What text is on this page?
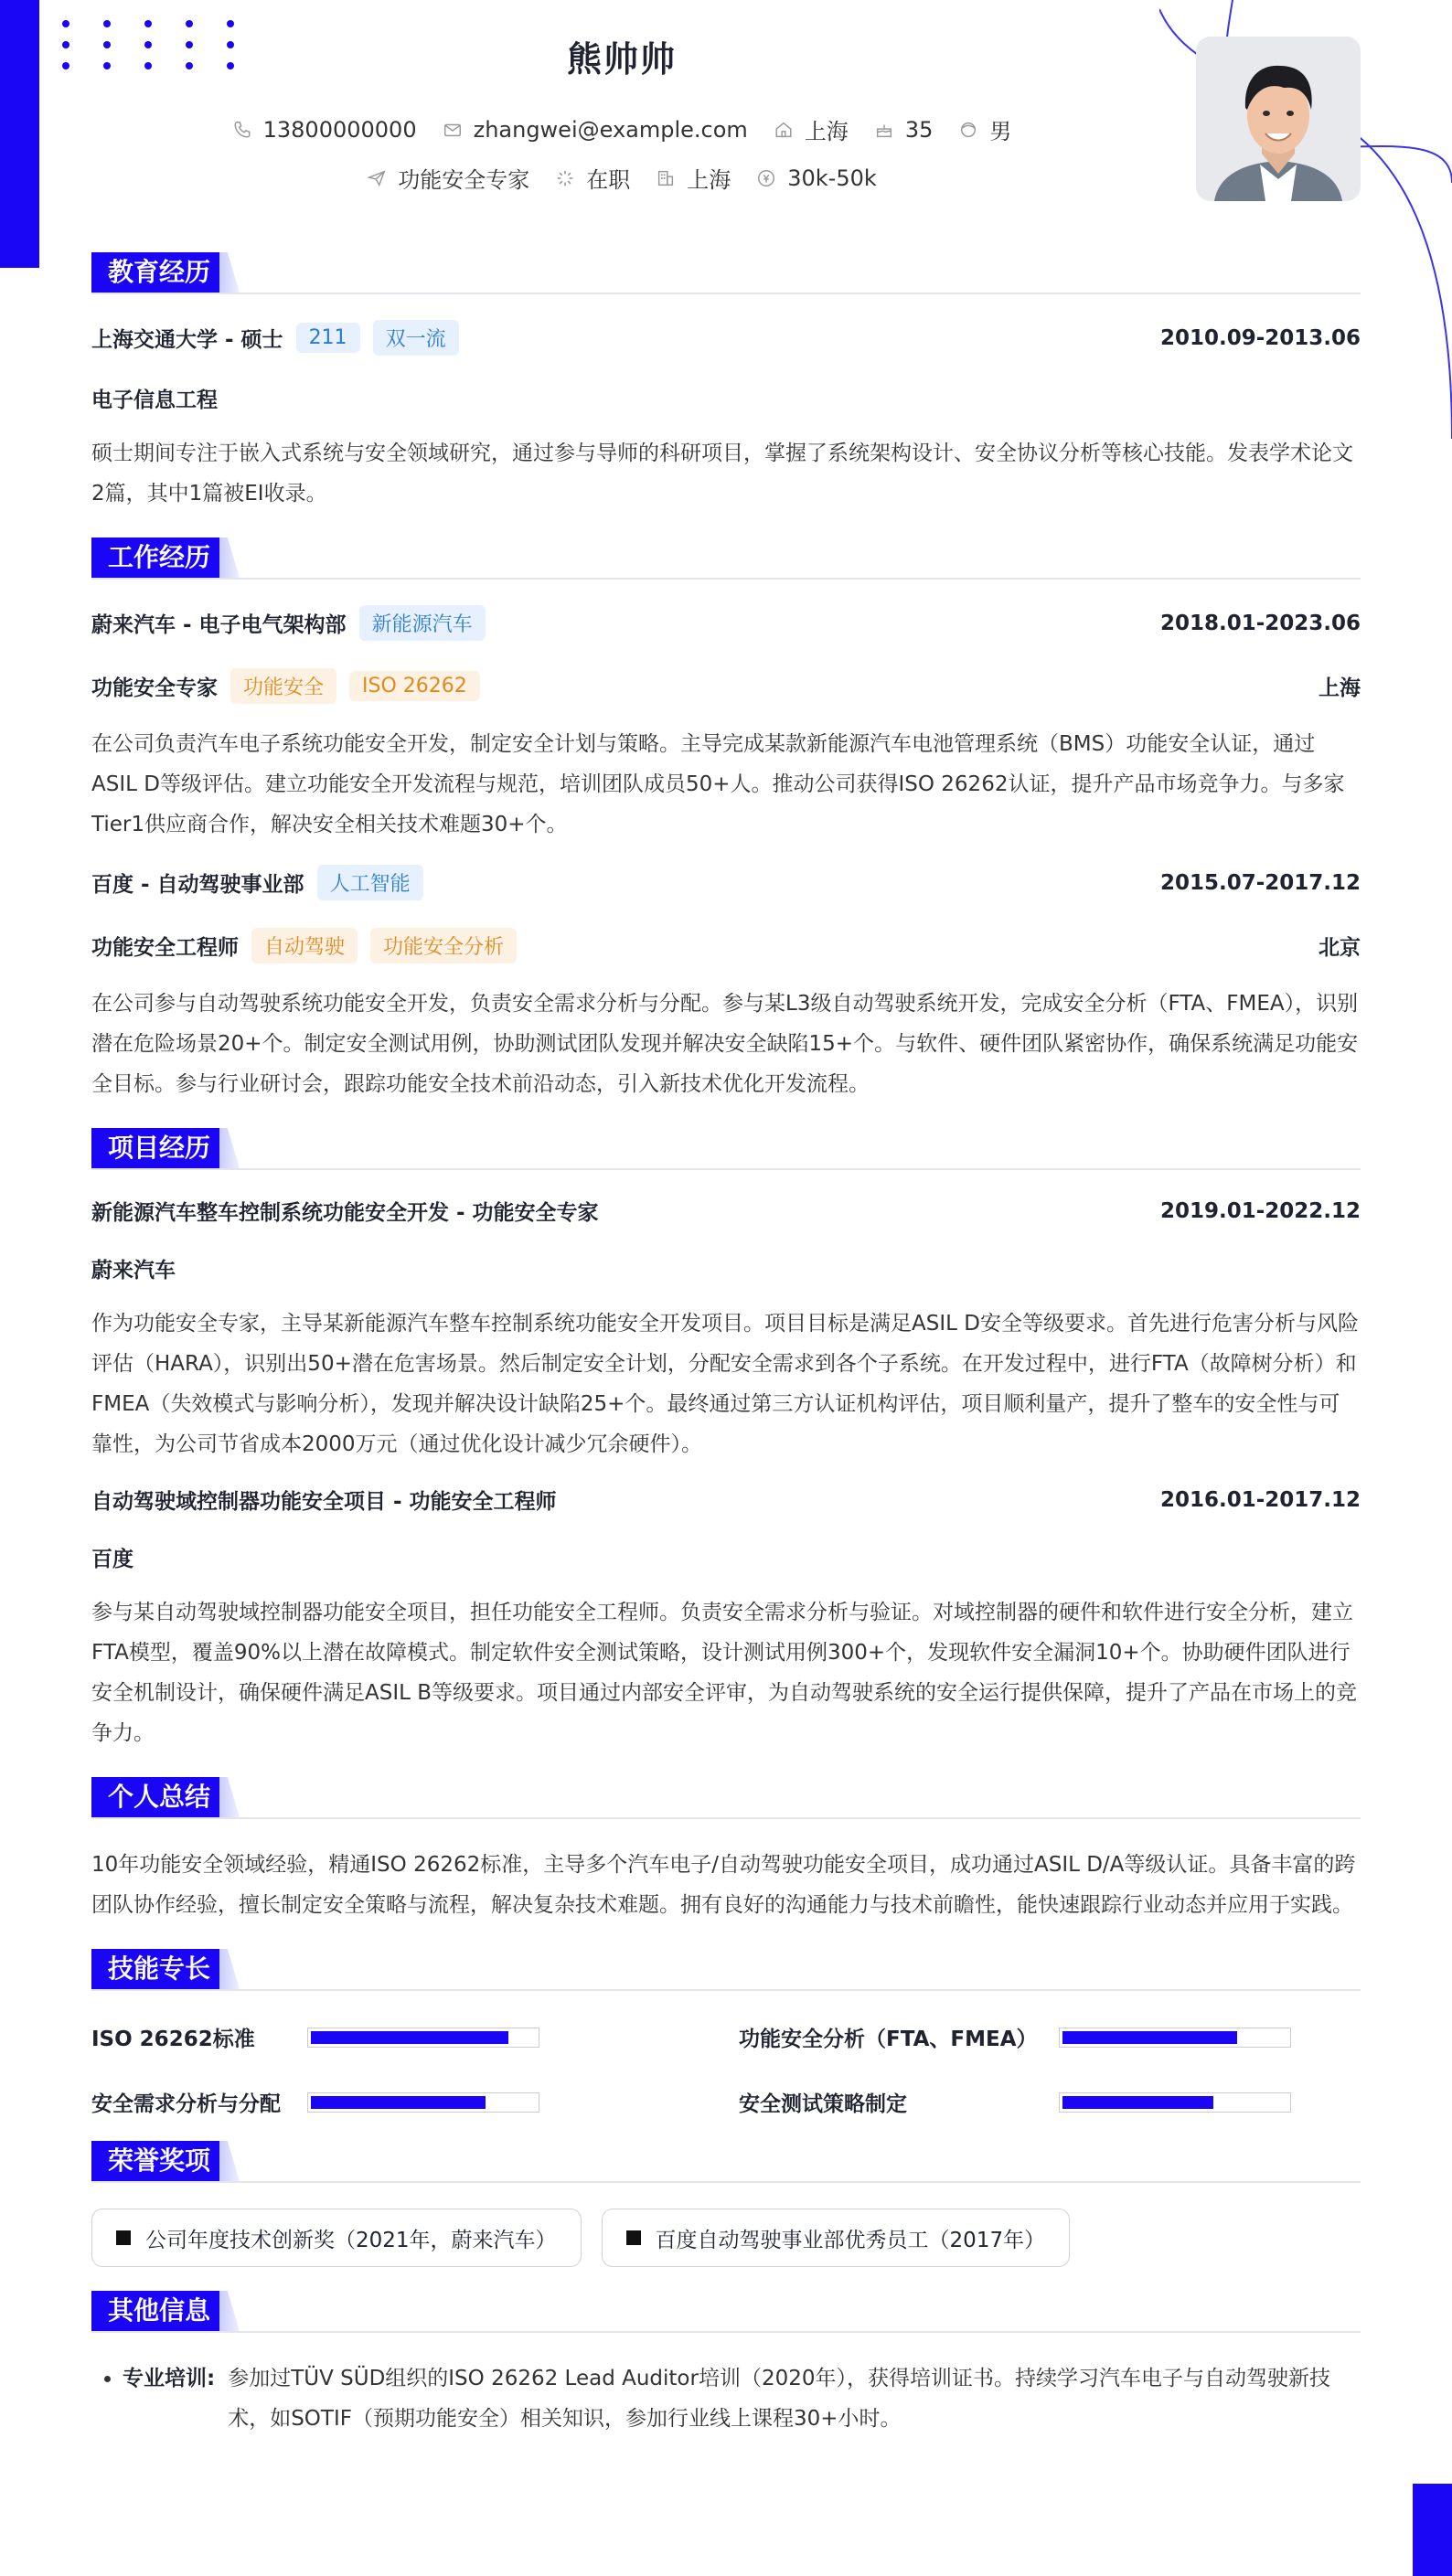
熊帅帅
13800000000	zhangwei@example.com	上海	35	男
功能安全专家	在职	上海	30k-50k
教育经历
上海交通大学 - 硕士	211	双一流	2010.09-2013.06
电子信息工程
硕士期间专注于嵌入式系统与安全领域研究，通过参与导师的科研项目，掌握了系统架构设计、安全协议分析等核心技能。发表学术论文2篇，其中1篇被EI收录。
工作经历
蔚来汽车 - 电子电气架构部	新能源汽车	2018.01-2023.06
功能安全专家	功能安全	ISO 26262	上海
在公司负责汽车电子系统功能安全开发，制定安全计划与策略。主导完成某款新能源汽车电池管理系统（BMS）功能安全认证，通过ASIL D等级评估。建立功能安全开发流程与规范，培训团队成员50+人。推动公司获得ISO 26262认证，提升产品市场竞争力。与多家Tier1供应商合作，解决安全相关技术难题30+个。
百度 - 自动驾驶事业部	人工智能	2015.07-2017.12
功能安全工程师	自动驾驶	功能安全分析	北京
在公司参与自动驾驶系统功能安全开发，负责安全需求分析与分配。参与某L3级自动驾驶系统开发，完成安全分析（FTA、FMEA），识别潜在危险场景20+个。制定安全测试用例，协助测试团队发现并解决安全缺陷15+个。与软件、硬件团队紧密协作，确保系统满足功能安全目标。参与行业研讨会，跟踪功能安全技术前沿动态，引入新技术优化开发流程。
项目经历
新能源汽车整车控制系统功能安全开发 - 功能安全专家	2019.01-2022.12
蔚来汽车
作为功能安全专家，主导某新能源汽车整车控制系统功能安全开发项目。项目目标是满足ASIL D安全等级要求。首先进行危害分析与风险评估（HARA），识别出50+潜在危害场景。然后制定安全计划，分配安全需求到各个子系统。在开发过程中，进行FTA（故障树分析）和FMEA（失效模式与影响分析），发现并解决设计缺陷25+个。最终通过第三方认证机构评估，项目顺利量产，提升了整车的安全性与可靠性，为公司节省成本2000万元（通过优化设计减少冗余硬件）。
自动驾驶域控制器功能安全项目 - 功能安全工程师	2016.01-2017.12
百度
参与某自动驾驶域控制器功能安全项目，担任功能安全工程师。负责安全需求分析与验证。对域控制器的硬件和软件进行安全分析，建立FTA模型，覆盖90%以上潜在故障模式。制定软件安全测试策略，设计测试用例300+个，发现软件安全漏洞10+个。协助硬件团队进行安全机制设计，确保硬件满足ASIL B等级要求。项目通过内部安全评审，为自动驾驶系统的安全运行提供保障，提升了产品在市场上的竞争力。
个人总结
10年功能安全领域经验，精通ISO 26262标准，主导多个汽车电子/自动驾驶功能安全项目，成功通过ASIL D/A等级认证。具备丰富的跨团队协作经验，擅长制定安全策略与流程，解决复杂技术难题。拥有良好的沟通能力与技术前瞻性，能快速跟踪行业动态并应用于实践。
技能专长
ISO 26262标准	功能安全分析（FTA、FMEA）
安全需求分析与分配	安全测试策略制定
荣誉奖项
公司年度技术创新奖（2021年，蔚来汽车）	百度自动驾驶事业部优秀员工（2017年）
其他信息
• 专业培训: 参加过TÜV SÜD组织的ISO 26262 Lead Auditor培训（2020年），获得培训证书。持续学习汽车电子与自动驾驶新技术，如SOTIF（预期功能安全）相关知识，参加行业线上课程30+小时。
